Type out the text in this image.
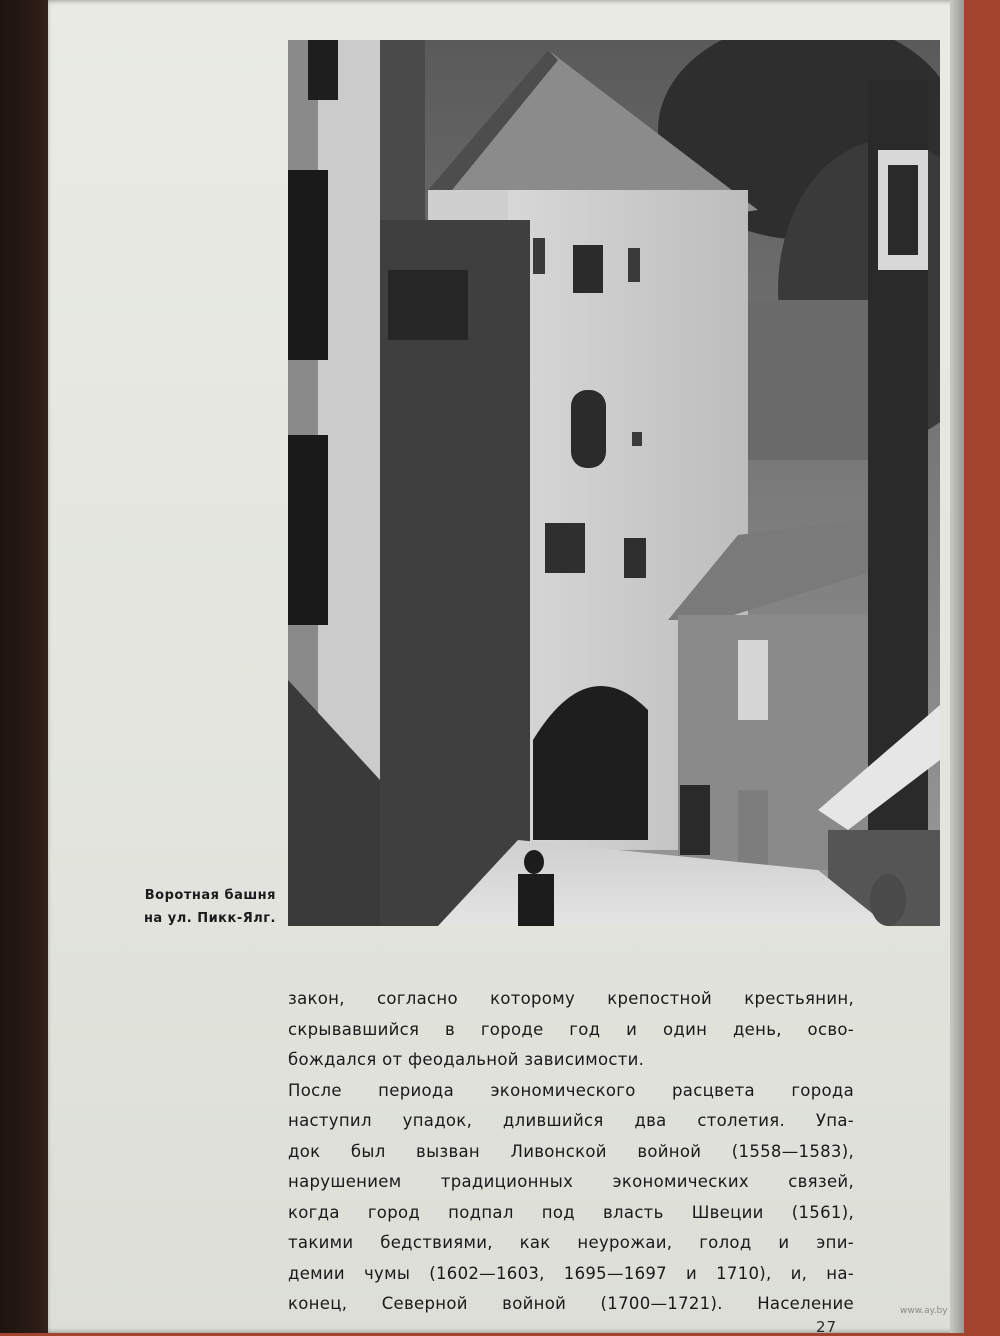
Воротная башня
на ул. Пикк-Ялг.
закон, согласно которому крепостной крестьянин,
скрывавшийся в городе год и один день, осво-
бождался от феодальной зависимости.
После периода экономического расцвета города
наступил упадок, длившийся два столетия. Упа-
док был вызван Ливонской войной (1558—1583),
нарушением традиционных экономических связей,
когда город подпал под власть Швеции (1561),
такими бедствиями, как неурожаи, голод и эпи-
демии чумы (1602—1603, 1695—1697 и 1710), и, на-
конец, Северной войной (1700—1721). Население
27
www.ay.by
